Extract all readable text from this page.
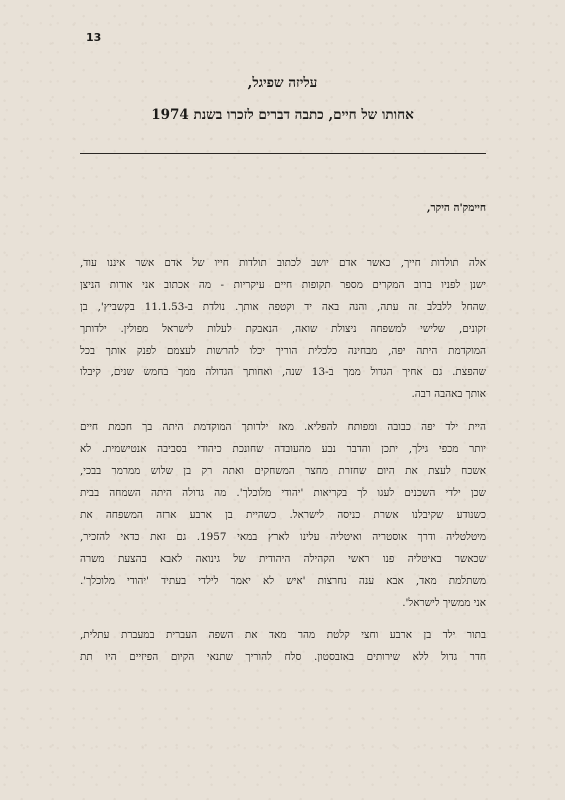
13

עליזה שפיגל,

אחותו של חיים, כתבה דברים לזכרו בשנת 1974

חיימק'ה היקר,

אלה תולדות חייך, כאשר אדם יושב לכתוב תולדות חייו של אדם אשר איננו עוד,
ישנן לפניו ברוב המקרים מספר תקופות חיים עיקריות - מה אכתוב אני אודות הניצן
שהחל ללבלב זה עתה, והנה באה יד וקטפה אותך. נולדת ב-11.1.53 בקשביץ', בן
זקונים, שלישי למשפחה ניצולת שואה, הנאבקת לעלות לישראל מפולין. ילדותך
המוקדמת היתה יפה, מבחינה כלכלית הוריך יכלו להרשות לעצמם לפנק אותך בכל
שהפצת. גם אחיך הגדול ממך ב-13 שנה, ואחותך הגדולה ממך בחמש שנים, קיבלו
אותך באהבה רבה.

היית ילד יפה כבובה ומפותח להפליא. מאז ילדותך המוקדמת היתה בך חכמת חיים
יותר מכפי גילך, יתכן והדבר נבע מהעובדה שחונכת כיהודי בסביבה אנטישמית. לא
אשכח לעצת את היום שחזרת מחצר המשחקים ואתה רק בן שלוש ממרמר בבכי,
שכן ילדי השכנים לעגו לך בקריאות 'יהודי מלוכלך'. מה גדולה היתה השמחה בבית
כשנודע שקיבלנו אשרת כניסה לישראל. כשהיית בן ארבע ארזה המשפחה את
מיטלטליה ודרך אוסטריה ואיטליה עלינו לארץ במאי 1957. גם זאת כדאי להזכיר,
שכאשר באיטליה פנו ראשי הקהילה היהודית של גינואה לאבא בהצעת משרה
משתלמת מאד, אבא ענה נחרצות 'איש לא יאמר לילדי בעתיד 'יהודי מלוכלך'.
אני ממשיך לישראל'.

בתור ילד בן ארבע וחצי קלטת מהר מאד את השפה העברית במעברת עתלית,
חדר גדול ללא שירותים באזבסטון. סלח להוריך שתנאי הקיום הפיזיים היו תת
